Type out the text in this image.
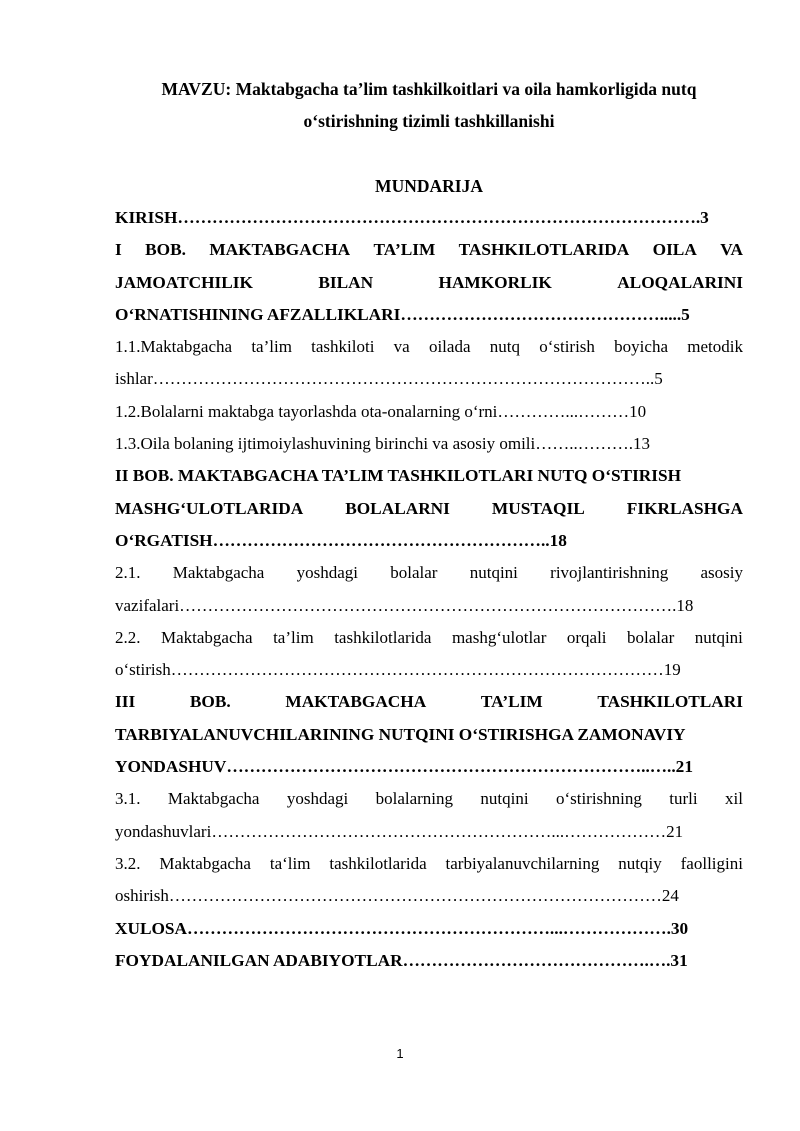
MAVZU: Maktabgacha ta’lim tashkilkoitlari va oila hamkorligida nutq
o‘stirishning tizimli tashkillanishi
MUNDARIJA
KIRISH……………………………………………………………………………….3
I BOB. MAKTABGACHA TA’LIM TASHKILOTLARIDA OILA VA
JAMOATCHILIK	BILAN	HAMKORLIK	ALOQALARINI
O‘RNATISHINING AFZALLIKLARI……………………………………….....5
1.1.Maktabgacha ta’lim tashkiloti va oilada nutq o‘stirish boyicha metodik
ishlar……………………………………………………………………………..5
1.2.Bolalarni maktabga tayorlashda ota-onalarning o‘rni…………...………10
1.3.Oila bolaning ijtimoiylashuvining birinchi va asosiy omili……..……….13
II BOB. MAKTABGACHA TA’LIM TASHKILOTLARI NUTQ O‘STIRISH
MASHG‘ULOTLARIDA BOLALARNI MUSTAQIL FIKRLASHGA
O‘RGATISH…………………………………………………..18
2.1. Maktabgacha yoshdagi bolalar nutqini rivojlantirishning asosiy
vazifalari…………………………………………………………………………….18
2.2. Maktabgacha ta’lim tashkilotlarida mashg‘ulotlar orqali bolalar nutqini
o‘stirish……………………………………………………………………………19
III	BOB.	MAKTABGACHA	TA’LIM	TASHKILOTLARI
TARBIYALANUVCHILARINING NUTQINI O‘STIRISHGA ZAMONAVIY
YONDASHUV………………………………………………………………..…..21
3.1. Maktabgacha yoshdagi bolalarning nutqini o‘stirishning turli xil
yondashuvlari……………………………………………………...………………21
3.2. Maktabgacha ta‘lim tashkilotlarida tarbiyalanuvchilarning nutqiy faolligini
oshirish……………………………………………………………………………24
XULOSA………………………………………………………...……………….30
FOYDALANILGAN ADABIYOTLAR…………………………………….….31
1
